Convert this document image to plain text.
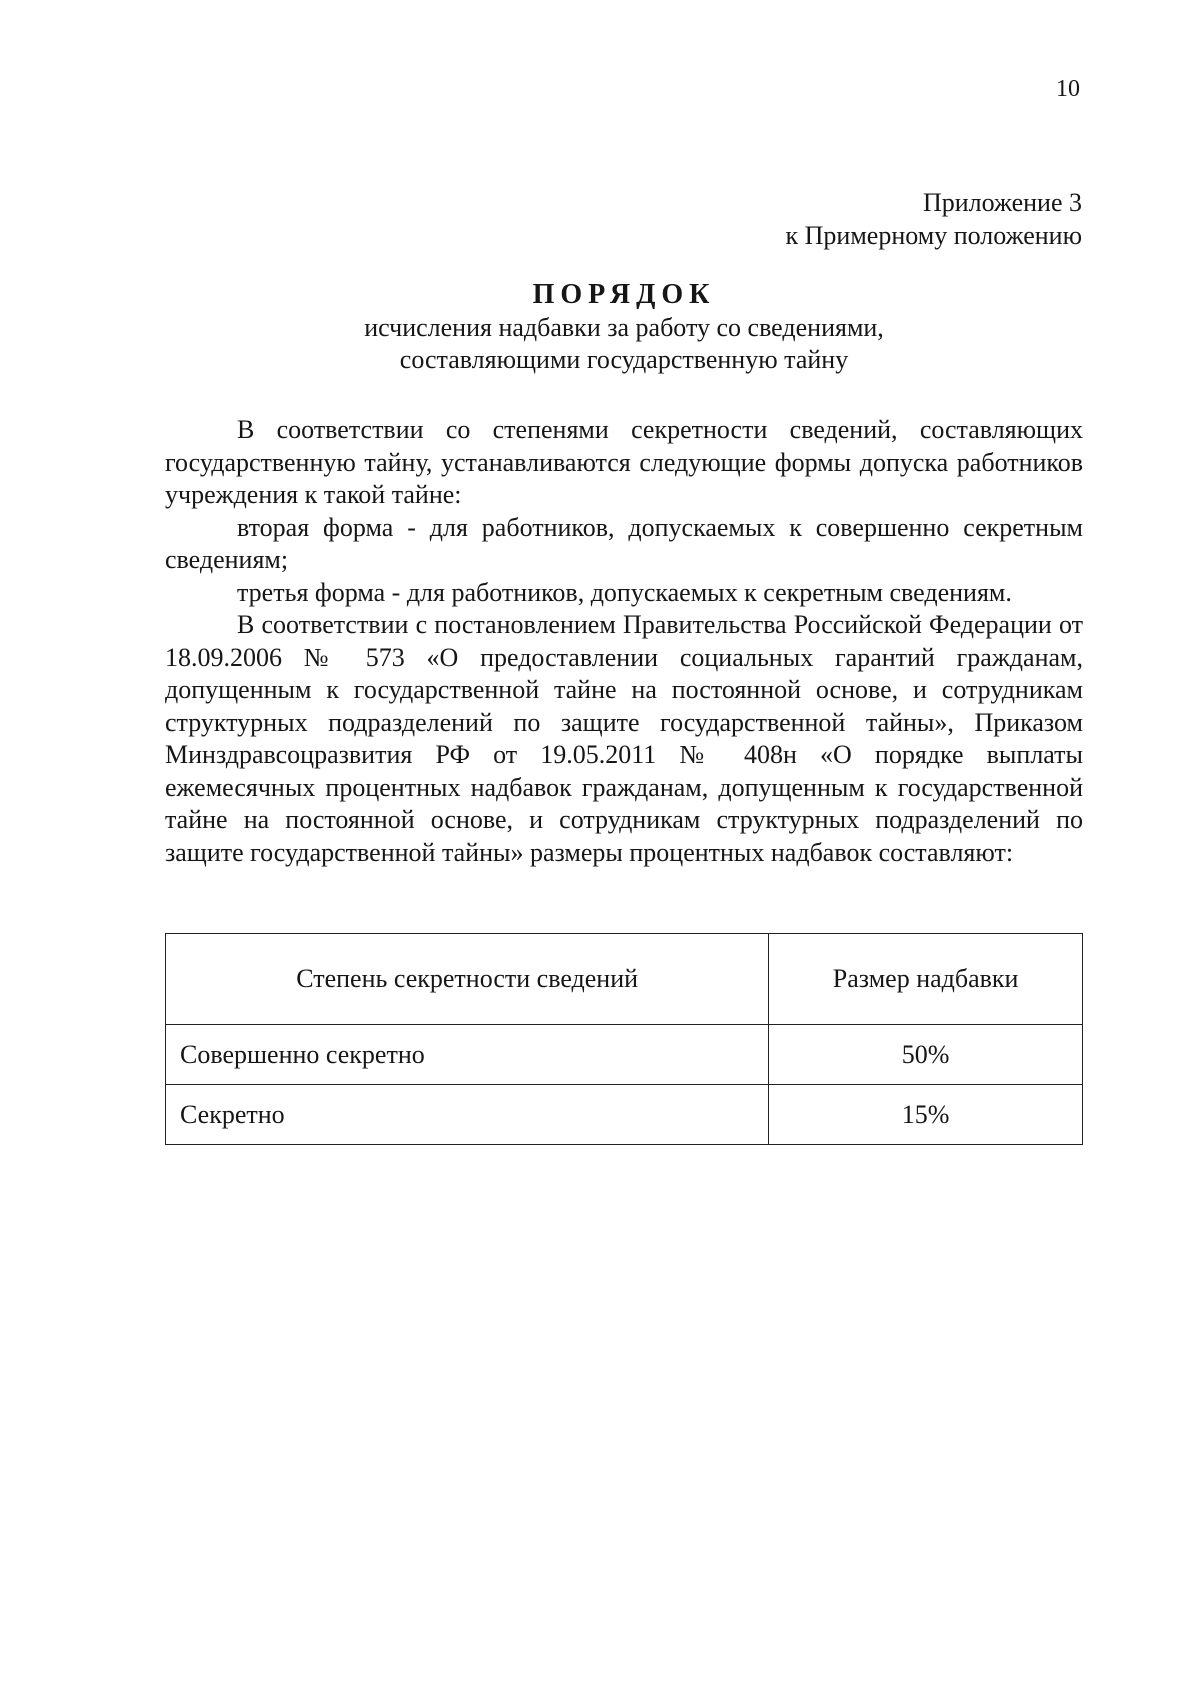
10
Приложение 3
к Примерному положению
ПОРЯДОК
исчисления надбавки за работу со сведениями,
составляющими государственную тайну

В соответствии со степенями секретности сведений, составляющих государственную тайну, устанавливаются следующие формы допуска работников учреждения к такой тайне:

вторая форма - для работников, допускаемых к совершенно секретным сведениям;

третья форма - для работников, допускаемых к секретным сведениям.

В соответствии с постановлением Правительства Российской Федерации от 18.09.2006 № 573 «О предоставлении социальных гарантий гражданам, допущенным к государственной тайне на постоянной основе, и сотрудникам структурных подразделений по защите государственной тайны», Приказом Минздравсоцразвития РФ от 19.05.2011 № 408н «О порядке выплаты ежемесячных процентных надбавок гражданам, допущенным к государственной тайне на постоянной основе, и сотрудникам структурных подразделений по защите государственной тайны» размеры процентных надбавок составляют:

Степень секретности сведений	Размер надбавки
Совершенно секретно	50%
Секретно	15%
